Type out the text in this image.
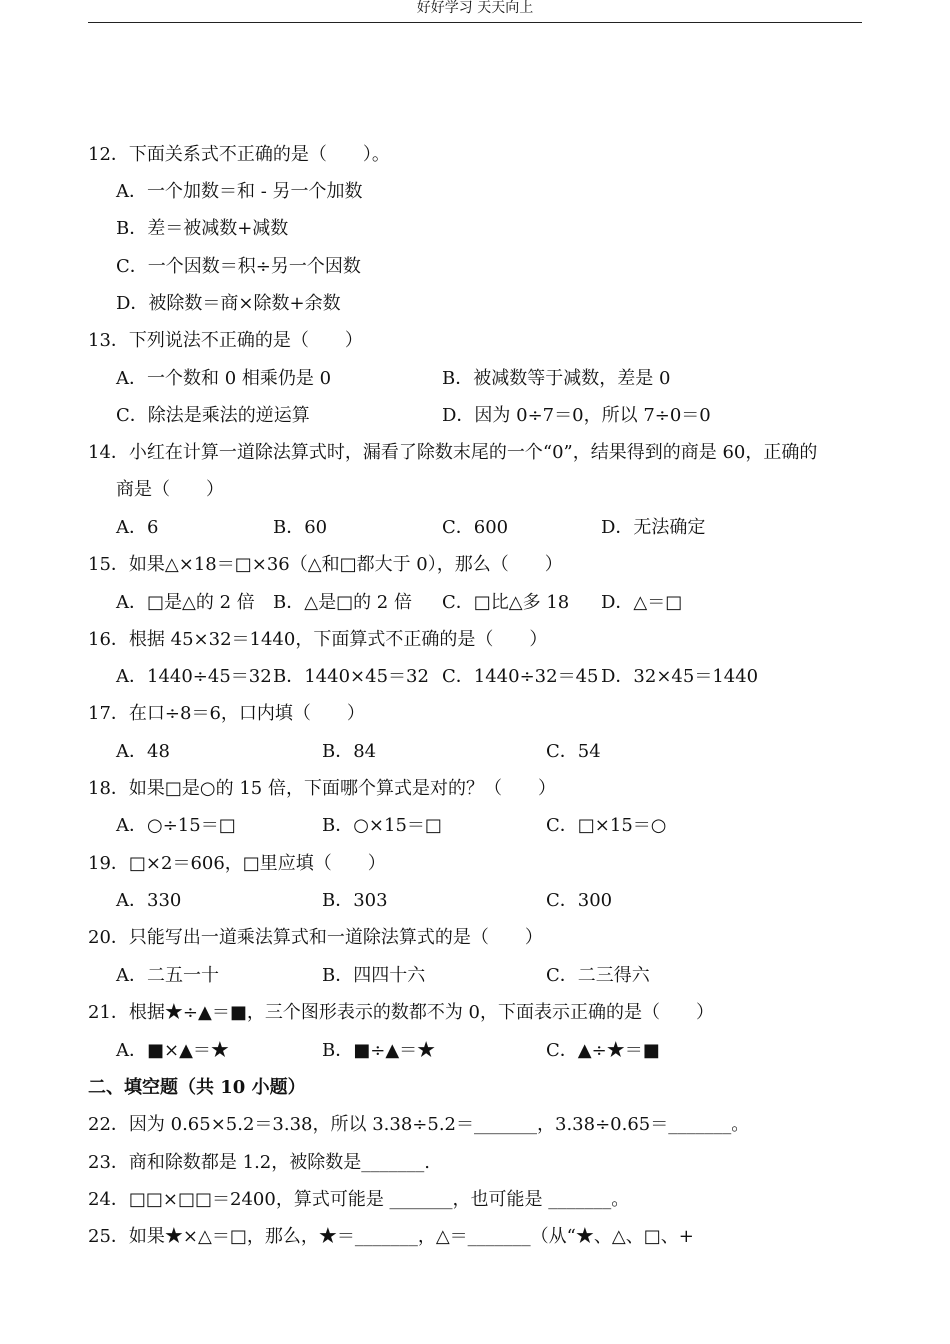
好好学习 天天向上
12．下面关系式不正确的是（　　）。
A．一个加数＝和 - 另一个加数
B．差＝被减数+减数
C．一个因数＝积÷另一个因数
D．被除数＝商×除数+余数
13．下列说法不正确的是（　　）
A．一个数和 0 相乘仍是 0	B．被减数等于减数，差是 0
C．除法是乘法的逆运算	D．因为 0÷7＝0，所以 7÷0＝0
14．小红在计算一道除法算式时，漏看了除数末尾的一个“0”，结果得到的商是 60，正确的
商是（　　）
A．6	B．60	C．600	D．无法确定
15．如果△×18＝□×36（△和□都大于 0），那么（　　）
A．□是△的 2 倍 B．△是□的 2 倍 C．□比△多 18 D．△＝□
16．根据 45×32＝1440，下面算式不正确的是（　　）
A．1440÷45＝32 B．1440×45＝32 C．1440÷32＝45 D．32×45＝1440
17．在口÷8＝6，口内填（　　）
A．48	B．84	C．54
18．如果□是○的 15 倍，下面哪个算式是对的？（　　）
A．○÷15＝□	B．○×15＝□	C．□×15＝○
19．□×2＝606，□里应填（　　）
A．330	B．303	C．300
20．只能写出一道乘法算式和一道除法算式的是（　　）
A．二五一十	B．四四十六	C．二三得六
21．根据★÷▲＝■，三个图形表示的数都不为 0，下面表示正确的是（　　）
A．■×▲＝★	B．■÷▲＝★	C．▲÷★＝■
二、填空题（共 10 小题）
22．因为 0.65×5.2＝3.38，所以 3.38÷5.2＝_______，3.38÷0.65＝_______。
23．商和除数都是 1.2，被除数是_______.
24．□□×□□＝2400，算式可能是 _______，也可能是 _______。
25．如果★×△＝□，那么，★＝_______，△＝_______（从“★、△、□、+
